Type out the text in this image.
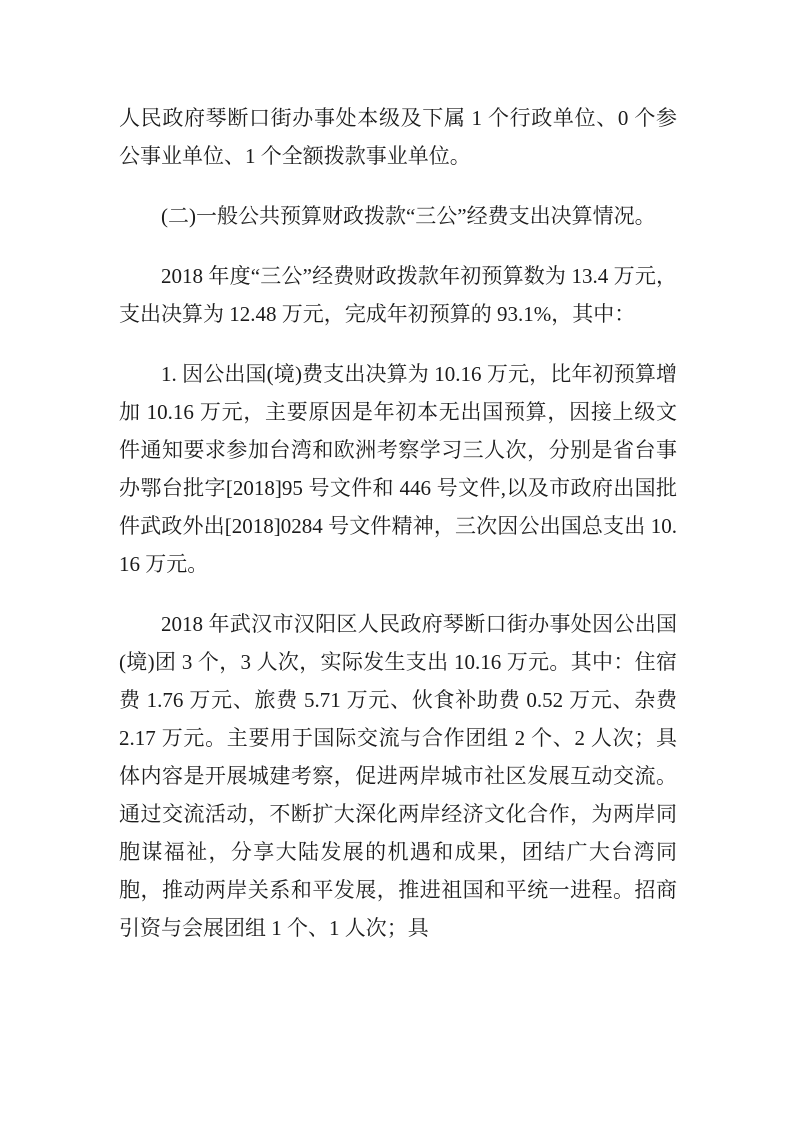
人民政府琴断口街办事处本级及下属 1 个行政单位、0 个参公事业单位、1 个全额拨款事业单位。

(二)一般公共预算财政拨款“三公”经费支出决算情况。

2018 年度“三公”经费财政拨款年初预算数为 13.4 万元，支出决算为 12.48 万元，完成年初预算的 93.1%，其中：

1. 因公出国(境)费支出决算为 10.16 万元，比年初预算增加 10.16 万元，主要原因是年初本无出国预算，因接上级文件通知要求参加台湾和欧洲考察学习三人次，分别是省台事办鄂台批字[2018]95 号文件和 446 号文件,以及市政府出国批件武政外出[2018]0284 号文件精神，三次因公出国总支出 10.16 万元。

2018 年武汉市汉阳区人民政府琴断口街办事处因公出国(境)团 3 个，3 人次，实际发生支出 10.16 万元。其中：住宿费 1.76 万元、旅费 5.71 万元、伙食补助费 0.52 万元、杂费 2.17 万元。主要用于国际交流与合作团组 2 个、2 人次；具体内容是开展城建考察，促进两岸城市社区发展互动交流。通过交流活动，不断扩大深化两岸经济文化合作，为两岸同胞谋福祉，分享大陆发展的机遇和成果，团结广大台湾同胞，推动两岸关系和平发展，推进祖国和平统一进程。招商引资与会展团组 1 个、1 人次；具
